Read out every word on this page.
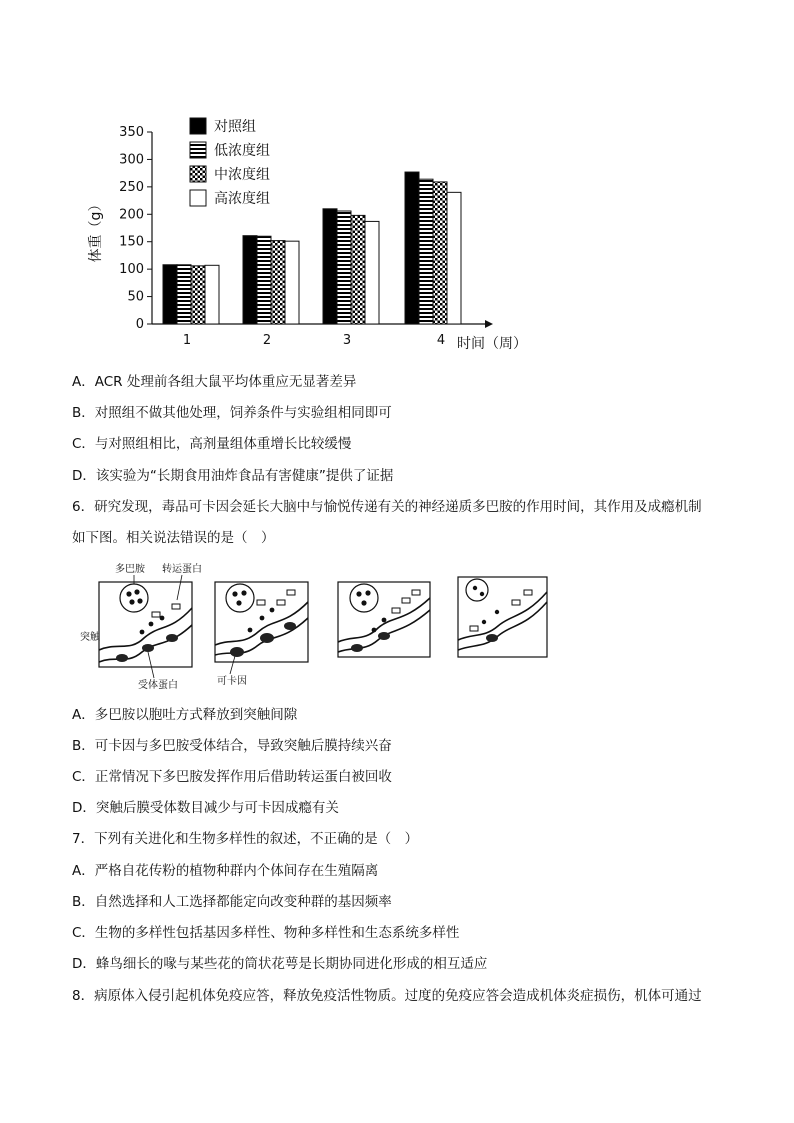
0
50
100
150
200
250
300
350
体重（g）
1	2	3	4 时间（周）
对照组
低浓度组
中浓度组
高浓度组
A．ACR 处理前各组大鼠平均体重应无显著差异
B．对照组不做其他处理，饲养条件与实验组相同即可
C．与对照组相比，高剂量组体重增长比较缓慢
D．该实验为“长期食用油炸食品有害健康”提供了证据
6．研究发现，毒品可卡因会延长大脑中与愉悦传递有关的神经递质多巴胺的作用时间，其作用及成瘾机制
如下图。相关说法错误的是（　）
多巴胺 转运蛋白
突触
受体蛋白	可卡因
A．多巴胺以胞吐方式释放到突触间隙
B．可卡因与多巴胺受体结合，导致突触后膜持续兴奋
C．正常情况下多巴胺发挥作用后借助转运蛋白被回收
D．突触后膜受体数目减少与可卡因成瘾有关
7．下列有关进化和生物多样性的叙述，不正确的是（　）
A．严格自花传粉的植物种群内个体间存在生殖隔离
B．自然选择和人工选择都能定向改变种群的基因频率
C．生物的多样性包括基因多样性、物种多样性和生态系统多样性
D．蜂鸟细长的喙与某些花的筒状花萼是长期协同进化形成的相互适应
8．病原体入侵引起机体免疫应答，释放免疫活性物质。过度的免疫应答会造成机体炎症损伤，机体可通过
